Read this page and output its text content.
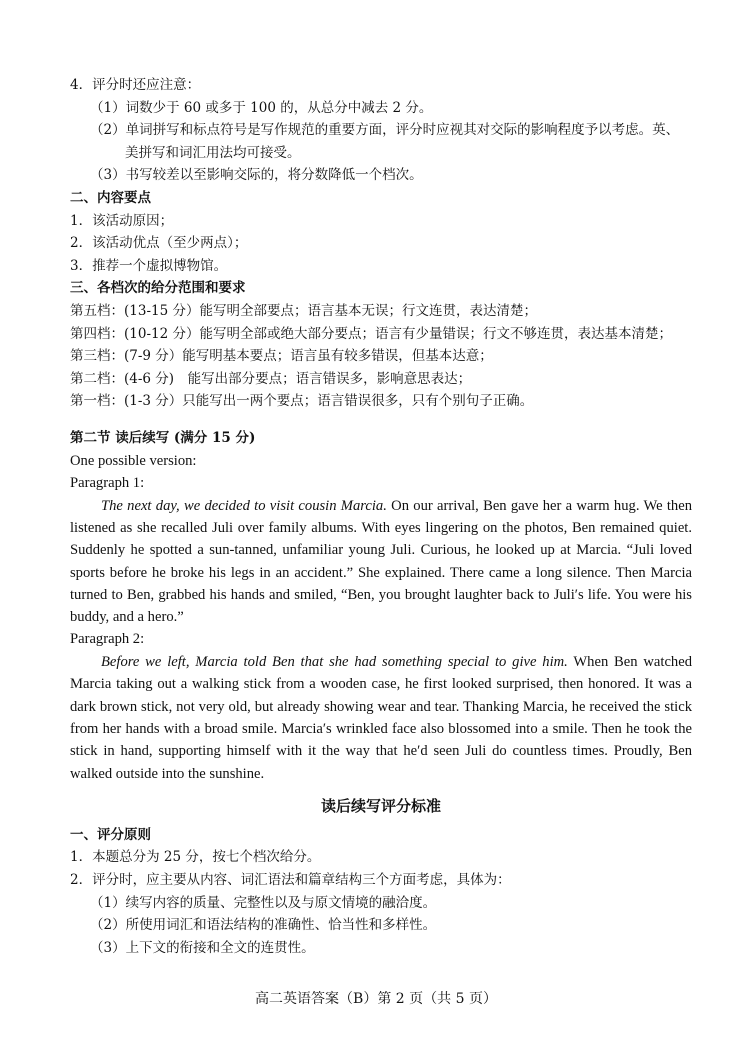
4．评分时还应注意：
（1）词数少于 60 或多于 100 的，从总分中减去 2 分。
（2）单词拼写和标点符号是写作规范的重要方面，评分时应视其对交际的影响程度予以考虑。英、美拼写和词汇用法均可接受。
（3）书写较差以至影响交际的，将分数降低一个档次。
二、内容要点
1．该活动原因；
2．该活动优点（至少两点）；
3．推荐一个虚拟博物馆。
三、各档次的给分范围和要求
第五档：(13-15 分）能写明全部要点；语言基本无误；行文连贯，表达清楚；
第四档：(10-12 分）能写明全部或绝大部分要点；语言有少量错误；行文不够连贯，表达基本清楚；
第三档：(7-9 分）能写明基本要点；语言虽有较多错误，但基本达意；
第二档：(4-6 分)　能写出部分要点；语言错误多，影响意思表达；
第一档：(1-3 分）只能写出一两个要点；语言错误很多，只有个别句子正确。
第二节 读后续写 (满分 15 分)
One possible version:
Paragraph 1:
The next day, we decided to visit cousin Marcia. On our arrival, Ben gave her a warm hug. We then listened as she recalled Juli over family albums. With eyes lingering on the photos, Ben remained quiet. Suddenly he spotted a sun-tanned, unfamiliar young Juli. Curious, he looked up at Marcia. “Juli loved sports before he broke his legs in an accident.” She explained. There came a long silence. Then Marcia turned to Ben, grabbed his hands and smiled, “Ben, you brought laughter back to Juli′s life. You were his buddy, and a hero.”
Paragraph 2:
Before we left, Marcia told Ben that she had something special to give him. When Ben watched Marcia taking out a walking stick from a wooden case, he first looked surprised, then honored. It was a dark brown stick, not very old, but already showing wear and tear. Thanking Marcia, he received the stick from her hands with a broad smile. Marcia′s wrinkled face also blossomed into a smile. Then he took the stick in hand, supporting himself with it the way that he′d seen Juli do countless times. Proudly, Ben walked outside into the sunshine.
读后续写评分标准
一、评分原则
1．本题总分为 25 分，按七个档次给分。
2．评分时，应主要从内容、词汇语法和篇章结构三个方面考虑，具体为：
（1）续写内容的质量、完整性以及与原文情境的融洽度。
（2）所使用词汇和语法结构的准确性、恰当性和多样性。
（3）上下文的衔接和全文的连贯性。
高二英语答案（B）第 2 页（共 5 页）
